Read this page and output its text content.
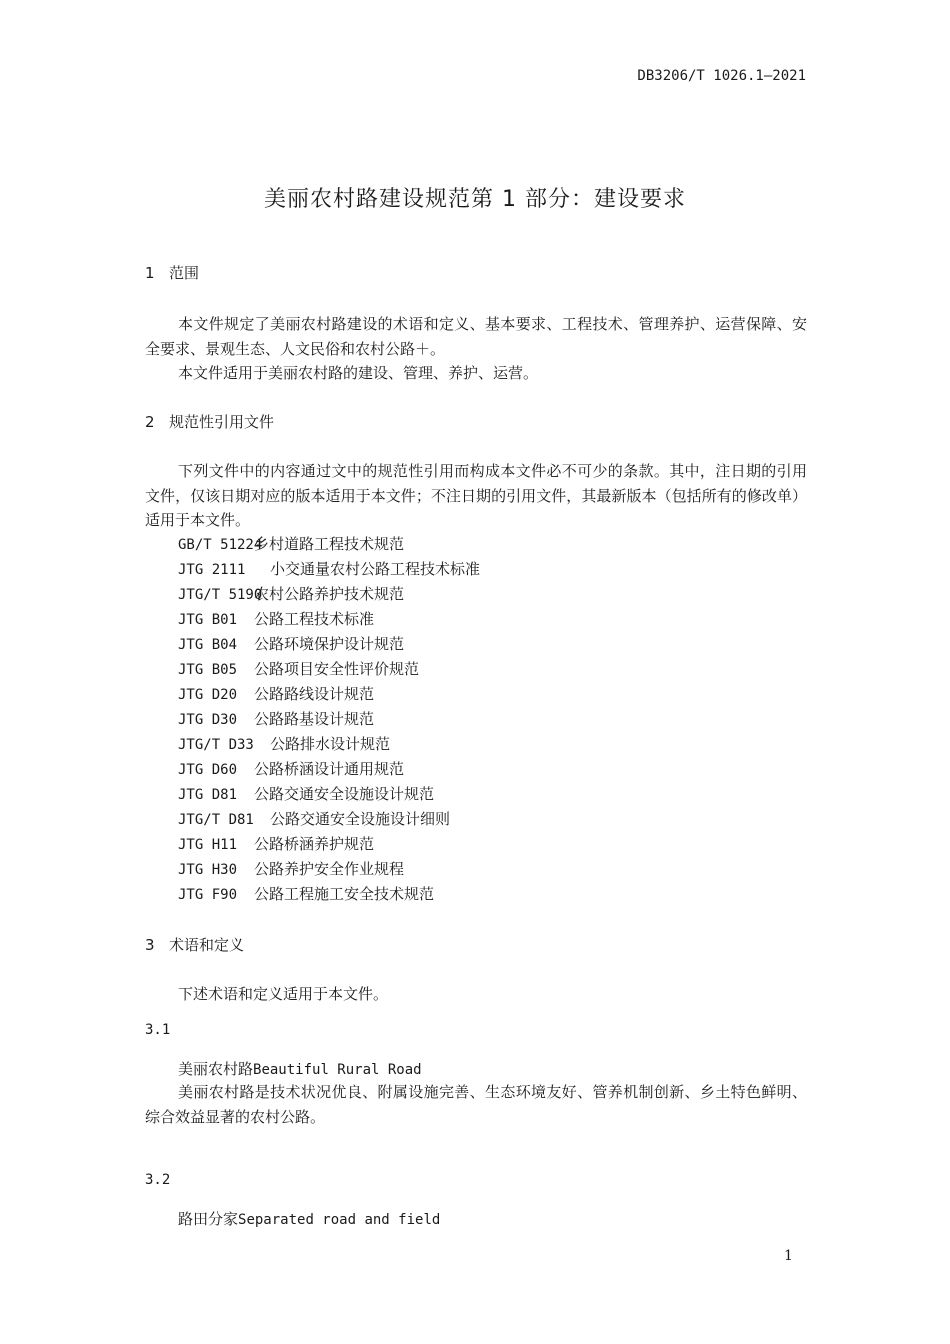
DB3206/T 1026.1—2021
美丽农村路建设规范第 1 部分：建设要求
1 范围

本文件规定了美丽农村路建设的术语和定义、基本要求、工程技术、管理养护、运营保障、安全要求、景观生态、人文民俗和农村公路＋。

本文件适用于美丽农村路的建设、管理、养护、运营。

2 规范性引用文件

下列文件中的内容通过文中的规范性引用而构成本文件必不可少的条款。其中，注日期的引用文件，仅该日期对应的版本适用于本文件；不注日期的引用文件，其最新版本（包括所有的修改单）适用于本文件。

GB/T 51224乡村道路工程技术规范
JTG 2111 小交通量农村公路工程技术标准
JTG/T 5190农村公路养护技术规范
JTG B01 公路工程技术标准
JTG B04 公路环境保护设计规范
JTG B05 公路项目安全性评价规范
JTG D20 公路路线设计规范
JTG D30 公路路基设计规范
JTG/T D33 公路排水设计规范
JTG D60 公路桥涵设计通用规范
JTG D81 公路交通安全设施设计规范
JTG/T D81 公路交通安全设施设计细则
JTG H11 公路桥涵养护规范
JTG H30 公路养护安全作业规程
JTG F90 公路工程施工安全技术规范
3 术语和定义

下述术语和定义适用于本文件。

3.1
美丽农村路Beautiful Rural Road

美丽农村路是技术状况优良、附属设施完善、生态环境友好、管养机制创新、乡土特色鲜明、综合效益显著的农村公路。

3.2
路田分家Separated road and field
1
